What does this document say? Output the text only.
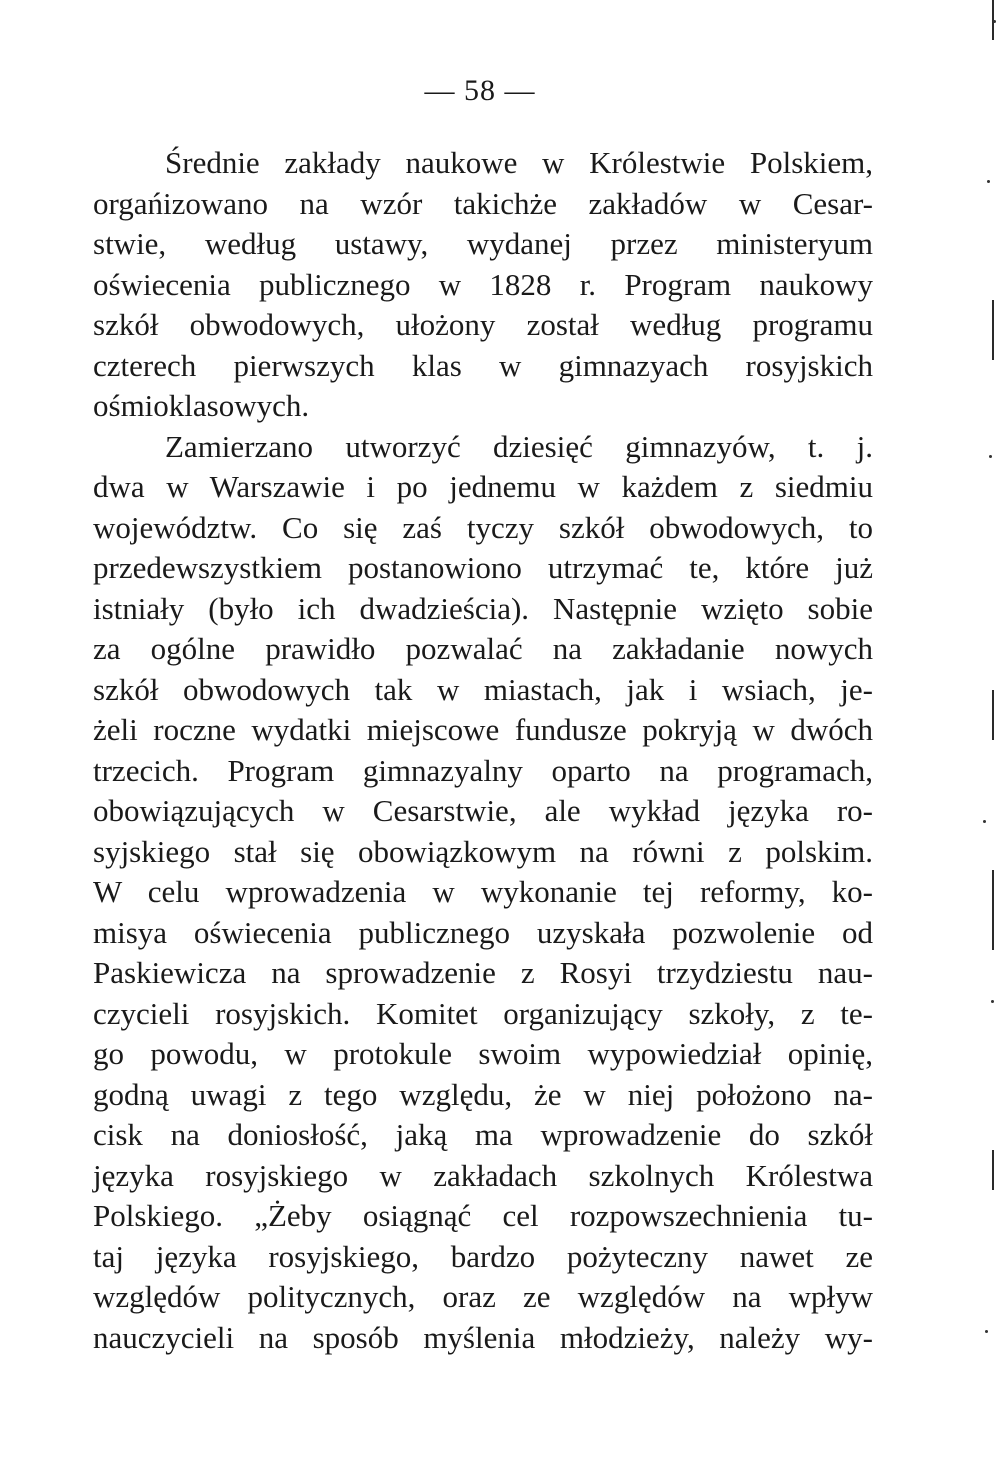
— 58 —
Średnie zakłady naukowe w Królestwie Polskiem,
orgańizowano na wzór takichże zakładów w Cesar-
stwie, według ustawy, wydanej przez ministeryum
oświecenia publicznego w 1828 r. Program naukowy
szkół obwodowych, ułożony został według programu
czterech pierwszych klas w gimnazyach rosyjskich
ośmioklasowych.
Zamierzano utworzyć dziesięć gimnazyów, t. j.
dwa w Warszawie i po jednemu w każdem z siedmiu
województw. Co się zaś tyczy szkół obwodowych, to
przedewszystkiem postanowiono utrzymać te, które już
istniały (było ich dwadzieścia). Następnie wzięto sobie
za ogólne prawidło pozwalać na zakładanie nowych
szkół obwodowych tak w miastach, jak i wsiach, je-
żeli roczne wydatki miejscowe fundusze pokryją w dwóch
trzecich. Program gimnazyalny oparto na programach,
obowiązujących w Cesarstwie, ale wykład języka ro-
syjskiego stał się obowiązkowym na równi z polskim.
W celu wprowadzenia w wykonanie tej reformy, ko-
misya oświecenia publicznego uzyskała pozwolenie od
Paskiewicza na sprowadzenie z Rosyi trzydziestu nau-
czycieli rosyjskich. Komitet organizujący szkoły, z te-
go powodu, w protokule swoim wypowiedział opinię,
godną uwagi z tego względu, że w niej położono na-
cisk na doniosłość, jaką ma wprowadzenie do szkół
języka rosyjskiego w zakładach szkolnych Królestwa
Polskiego. „Żeby osiągnąć cel rozpowszechnienia tu-
taj języka rosyjskiego, bardzo pożyteczny nawet ze
względów politycznych, oraz ze względów na wpływ
nauczycieli na sposób myślenia młodzieży, należy wy-
